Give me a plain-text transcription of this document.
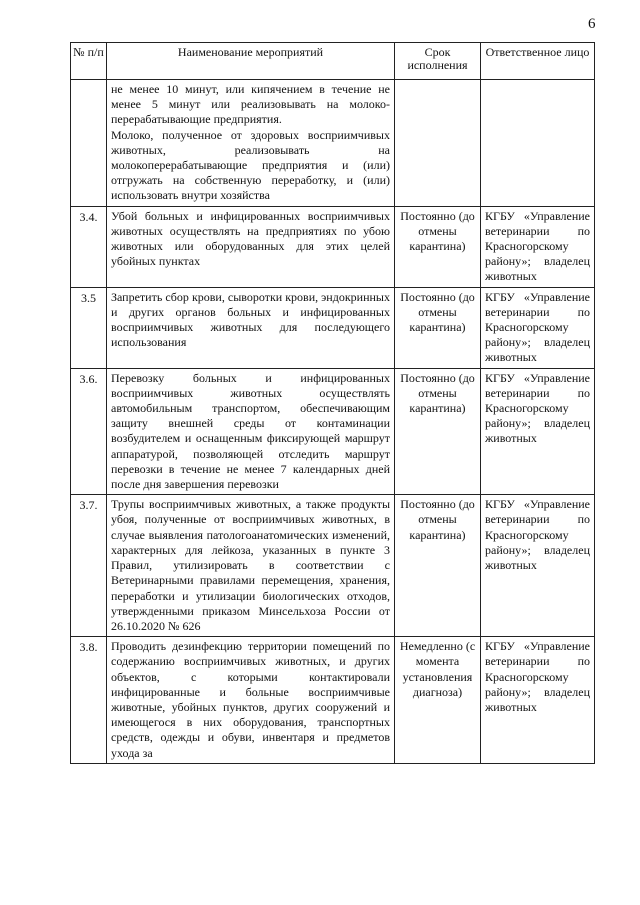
6
№ п/п	Наименование мероприятий	Срок исполнения	Ответственное лицо

	не менее 10 минут, или кипячением в течение не менее 5 минут или реализовывать на молоко-перерабатывающие предприятия.
Молоко, полученное от здоровых восприимчивых животных, реализовывать на молокоперерабатывающие предприятия и (или) отгружать на собственную переработку, и (или) использовать внутри хозяйства		

3.4.	Убой больных и инфицированных восприимчивых животных осуществлять на предприятиях по убою животных или оборудованных для этих целей убойных пунктах	Постоянно (до отмены карантина)	КГБУ «Управление ветеринарии по Красногорскому району»; владелец животных
3.5	Запретить сбор крови, сыворотки крови, эндокринных и других органов больных и инфицированных восприимчивых животных для последующего использования	Постоянно (до отмены карантина)	КГБУ «Управление ветеринарии по Красногорскому району»; владелец животных
3.6.	Перевозку больных и инфицированных восприимчивых животных осуществлять автомобильным транспортом, обеспечивающим защиту внешней среды от контаминации возбудителем и оснащенным фиксирующей маршрут аппаратурой, позволяющей отследить маршрут перевозки в течение не менее 7 календарных дней после дня завершения перевозки	Постоянно (до отмены карантина)	КГБУ «Управление ветеринарии по Красногорскому району»; владелец животных
3.7.	Трупы восприимчивых животных, а также продукты убоя, полученные от восприимчивых животных, в случае выявления патологоанатомических изменений, характерных для лейкоза, указанных в пункте 3 Правил, утилизировать в соответствии с Ветеринарными правилами перемещения, хранения, переработки и утилизации биологических отходов, утвержденными приказом Минсельхоза России от 26.10.2020 № 626	Постоянно (до отмены карантина)	КГБУ «Управление ветеринарии по Красногорскому району»; владелец животных
3.8.	Проводить дезинфекцию территории помещений по содержанию восприимчивых животных, и других объектов, с которыми контактировали инфицированные и больные восприимчивые животные, убойных пунктов, других сооружений и имеющегося в них оборудования, транспортных средств, одежды и обуви, инвентаря и предметов ухода за	Немедленно (с момента установления диагноза)	КГБУ «Управление ветеринарии по Красногорскому району»; владелец животных
